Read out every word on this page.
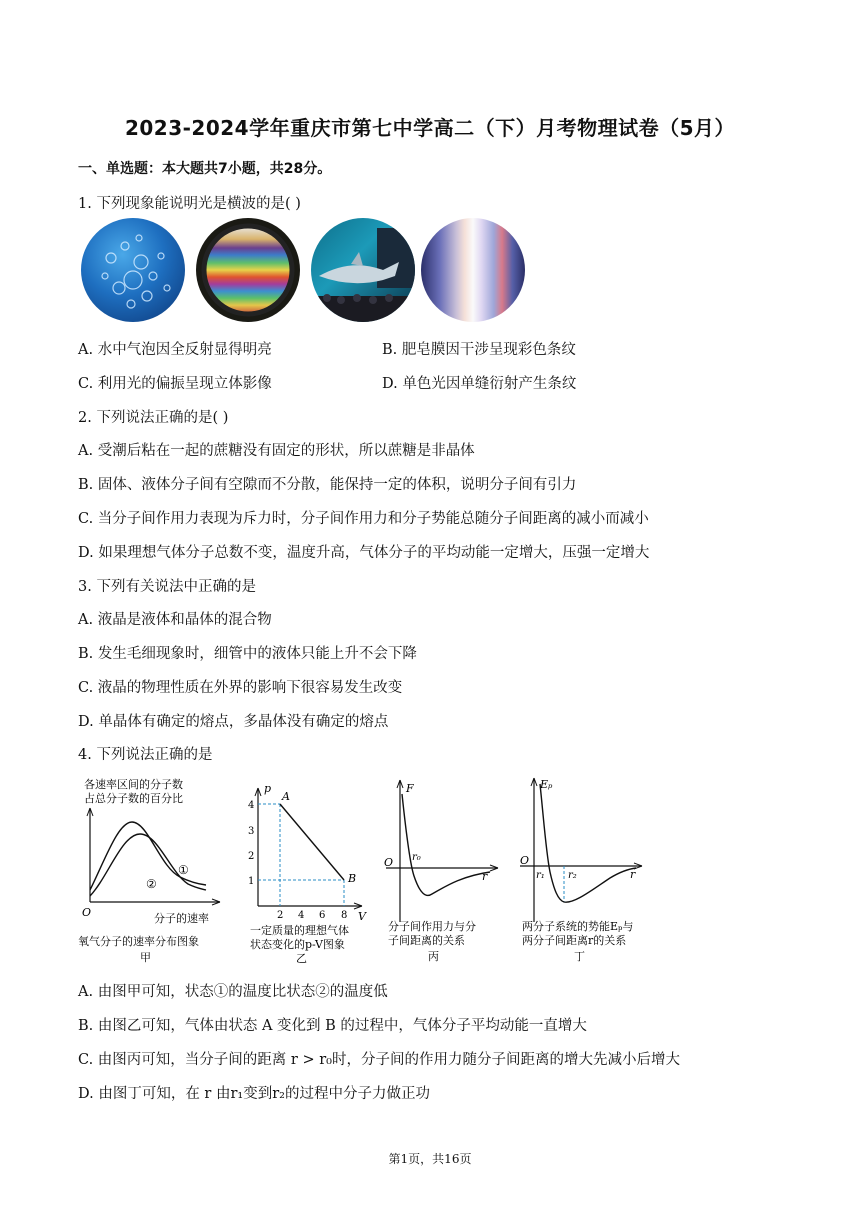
2023-2024学年重庆市第七中学高二（下）月考物理试卷（5月）
一、单选题：本大题共7小题，共28分。
1. 下列现象能说明光是横波的是( )
A. 水中气泡因全反射显得明亮	B. 肥皂膜因干涉呈现彩色条纹
C. 利用光的偏振呈现立体影像	D. 单色光因单缝衍射产生条纹
2. 下列说法正确的是( )
A. 受潮后粘在一起的蔗糖没有固定的形状，所以蔗糖是非晶体
B. 固体、液体分子间有空隙而不分散，能保持一定的体积，说明分子间有引力
C. 当分子间作用力表现为斥力时，分子间作用力和分子势能总随分子间距离的减小而减小
D. 如果理想气体分子总数不变，温度升高，气体分子的平均动能一定增大，压强一定增大
3. 下列有关说法中正确的是
A. 液晶是液体和晶体的混合物
B. 发生毛细现象时，细管中的液体只能上升不会下降
C. 液晶的物理性质在外界的影响下很容易发生改变
D. 单晶体有确定的熔点，多晶体没有确定的熔点
4. 下列说法正确的是
各速率区间的分子数
占总分子数的百分比
①
②
O	分子的速率
氧气分子的速率分布图象
甲
p
V
A
B
4
3
2
1
2 4 6 8
一定质量的理想气体
状态变化的p-V图象
乙
F
r
O r₀
分子间作用力与分
子间距离的关系
丙
Eₚ
r
O
r₁ r₂
两分子系统的势能Eₚ与
两分子间距离r的关系
丁
A. 由图甲可知，状态①的温度比状态②的温度低
B. 由图乙可知，气体由状态 A 变化到 B 的过程中，气体分子平均动能一直增大
C. 由图丙可知，当分子间的距离 r > r₀时，分子间的作用力随分子间距离的增大先减小后增大
D. 由图丁可知，在 r 由r₁变到r₂的过程中分子力做正功
第1页，共16页
